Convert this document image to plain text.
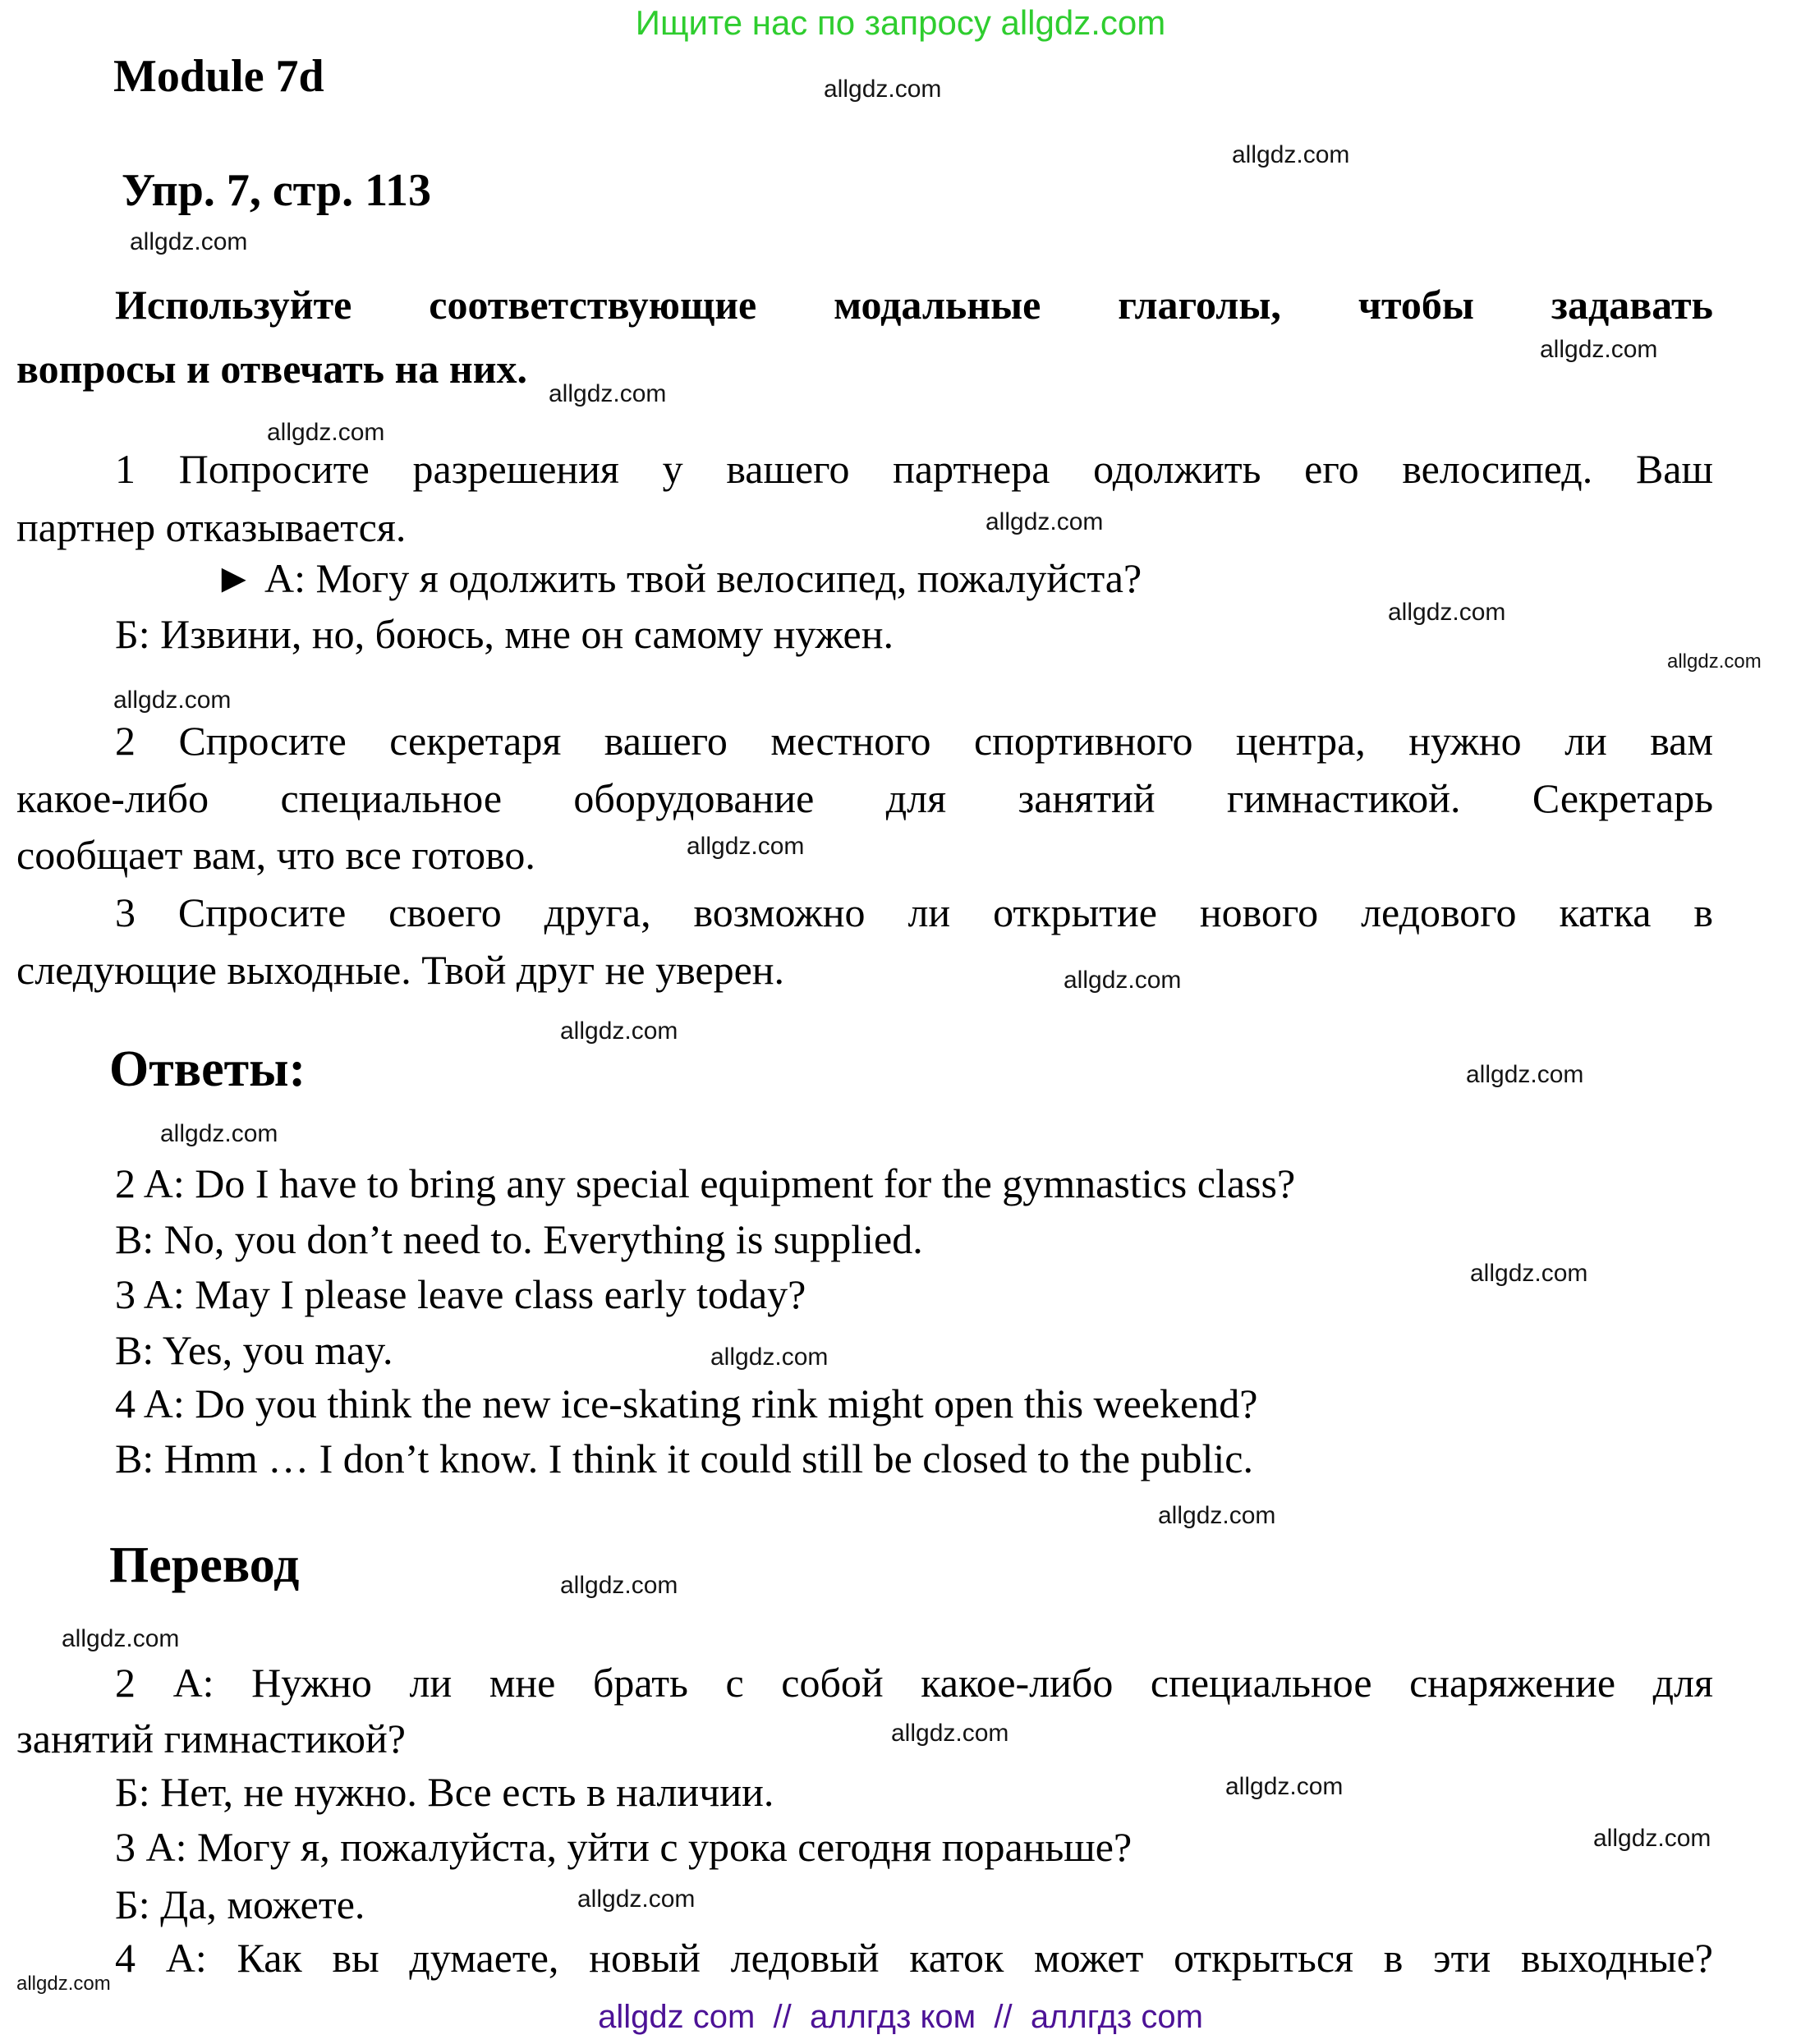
Ищите нас по запросу allgdz.com
Module 7d
Упр. 7, стр. 113
Используйте соответствующие модальные глаголы, чтобы задавать
вопросы и отвечать на них.
1 Попросите разрешения у вашего партнера одолжить его велосипед. Ваш
партнер отказывается.
► А: Могу я одолжить твой велосипед, пожалуйста?
Б: Извини, но, боюсь, мне он самому нужен.
2 Спросите секретаря вашего местного спортивного центра, нужно ли вам
какое-либо специальное оборудование для занятий гимнастикой. Секретарь
сообщает вам, что все готово.
3 Спросите своего друга, возможно ли открытие нового ледового катка в
следующие выходные. Твой друг не уверен.
Ответы:
2 A: Do I have to bring any special equipment for the gymnastics class?
B: No, you don’t need to. Everything is supplied.
3 A: May I please leave class early today?
B: Yes, you may.
4 A: Do you think the new ice-skating rink might open this weekend?
B: Hmm … I don’t know. I think it could still be closed to the public.
Перевод
2 А: Нужно ли мне брать с собой какое-либо специальное снаряжение для
занятий гимнастикой?
Б: Нет, не нужно. Все есть в наличии.
3 А: Могу я, пожалуйста, уйти с урока сегодня пораньше?
Б: Да, можете.
4 А: Как вы думаете, новый ледовый каток может открыться в эти выходные?
allgdz com  //  аллгдз ком  //  аллгдз com
allgdz.com
allgdz.com
allgdz.com
allgdz.com
allgdz.com
allgdz.com
allgdz.com
allgdz.com
allgdz.com
allgdz.com
allgdz.com
allgdz.com
allgdz.com
allgdz.com
allgdz.com
allgdz.com
allgdz.com
allgdz.com
allgdz.com
allgdz.com
allgdz.com
allgdz.com
allgdz.com
allgdz.com
allgdz.com
